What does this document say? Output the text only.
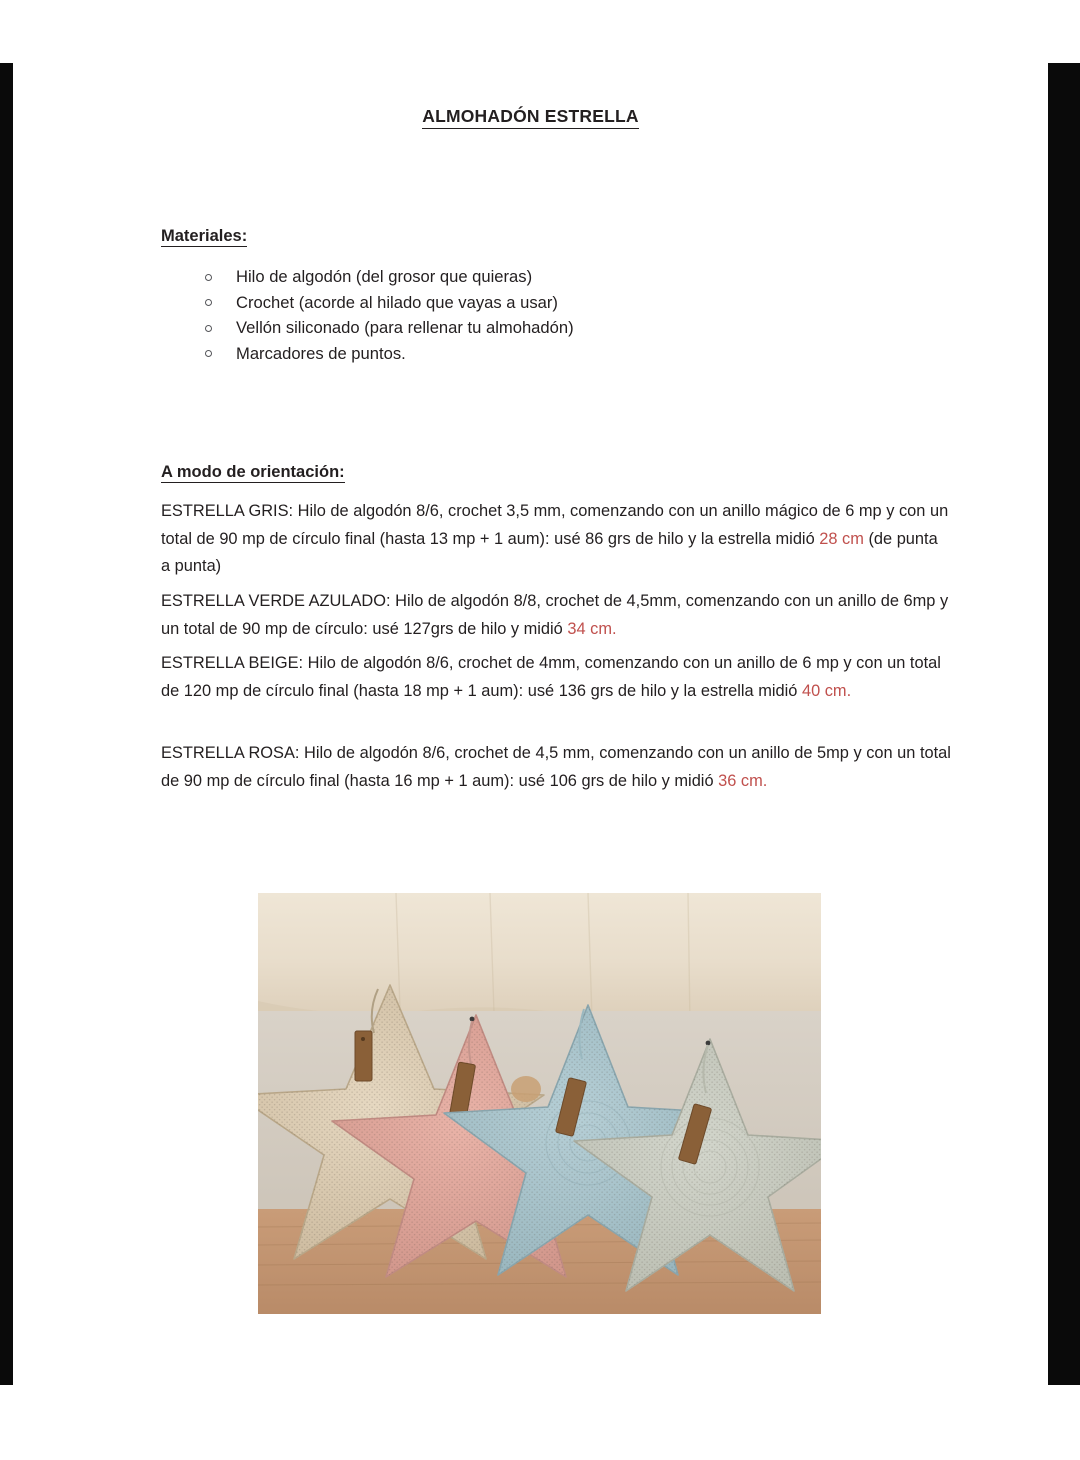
ALMOHADÓN ESTRELLA
Materiales:
Hilo de algodón (del grosor que quieras)
Crochet (acorde al hilado que vayas a usar)
Vellón siliconado (para rellenar tu almohadón)
Marcadores de puntos.
A modo de orientación:

ESTRELLA GRIS: Hilo de algodón 8/6, crochet 3,5 mm, comenzando con un anillo mágico de 6 mp y con un total de 90 mp de círculo final (hasta 13 mp + 1 aum): usé 86 grs de hilo y la estrella midió 28 cm (de punta a punta)

ESTRELLA VERDE AZULADO: Hilo de algodón 8/8, crochet de 4,5mm, comenzando con un anillo de 6mp y un total de 90 mp de círculo: usé 127grs de hilo y midió 34 cm.

ESTRELLA BEIGE: Hilo de algodón 8/6, crochet de 4mm, comenzando con un anillo de 6 mp y con un total de 120 mp de círculo final (hasta 18 mp + 1 aum): usé 136 grs de hilo y la estrella midió 40 cm.

ESTRELLA ROSA: Hilo de algodón 8/6, crochet de 4,5 mm, comenzando con un anillo de 5mp y con un total de 90 mp de círculo final (hasta 16 mp + 1 aum): usé 106 grs de hilo y midió 36 cm.
